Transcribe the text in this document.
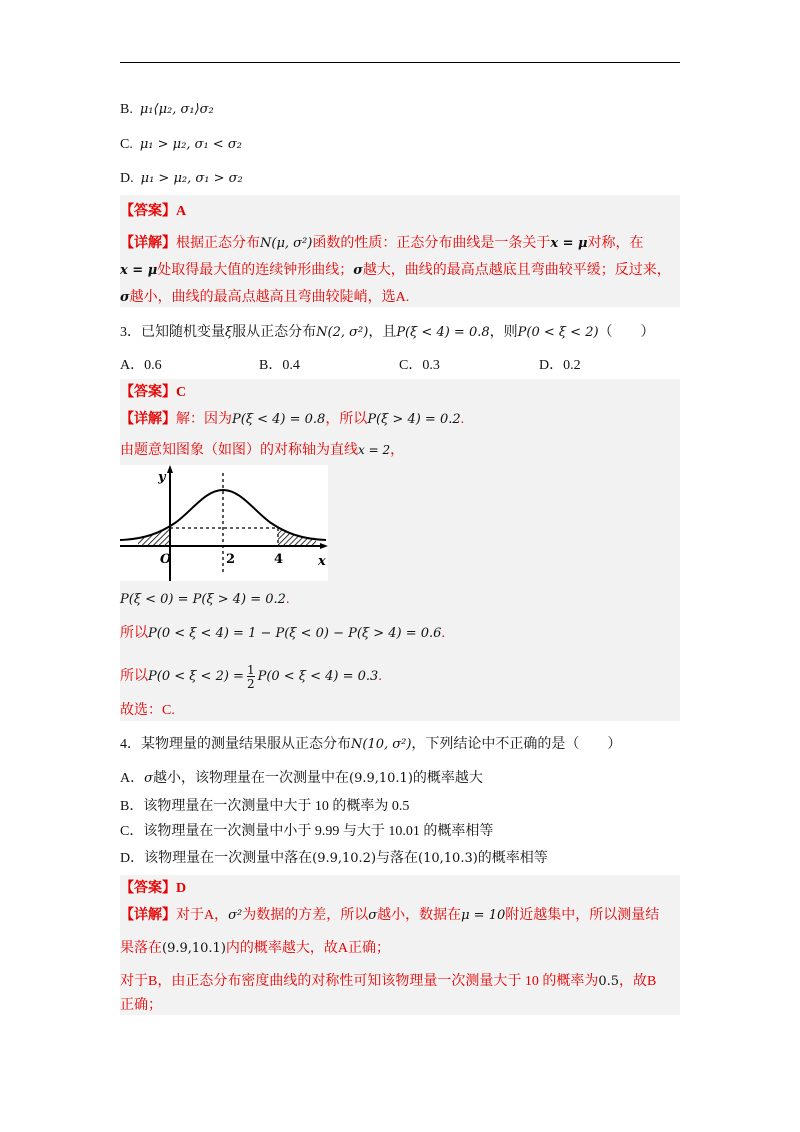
B. μ₁⟨μ₂, σ₁⟩σ₂
C. μ₁ > μ₂, σ₁ < σ₂
D. μ₁ > μ₂, σ₁ > σ₂
【答案】A
【详解】根据正态分布N(μ, σ²)函数的性质：正态分布曲线是一条关于x = μ对称，在
x = μ处取得最大值的连续钟形曲线；σ越大，曲线的最高点越底且弯曲较平缓；反过来，
σ越小，曲线的最高点越高且弯曲较陡峭，选A.
3．已知随机变量ξ服从正态分布N(2, σ²)，且P(ξ < 4) = 0.8，则P(0 < ξ < 2)（　　）
A．0.6	B．0.4	C．0.3	D．0.2
【答案】C
【详解】解：因为P(ξ < 4) = 0.8，所以P(ξ > 4) = 0.2.
由题意知图象（如图）的对称轴为直线x = 2，
y
x
O	2	4
P(ξ < 0) = P(ξ > 4) = 0.2.
所以P(0 < ξ < 4) = 1 − P(ξ < 0) − P(ξ > 4) = 0.6.
所以 $P(0 < \xi < 2) = \frac{1}{2} P(0 < \xi < 4) = 0.3$ .
故选：C.
4．某物理量的测量结果服从正态分布N(10, σ²)，下列结论中不正确的是（　　）
A．σ越小，该物理量在一次测量中在(9.9,10.1)的概率越大
B．该物理量在一次测量中大于 10 的概率为 0.5
C．该物理量在一次测量中小于 9.99 与大于 10.01 的概率相等
D．该物理量在一次测量中落在(9.9,10.2)与落在(10,10.3)的概率相等
【答案】D
【详解】对于A，σ²为数据的方差，所以σ越小，数据在μ = 10附近越集中，所以测量结
果落在(9.9,10.1)内的概率越大，故A正确；
对于B，由正态分布密度曲线的对称性可知该物理量一次测量大于 10 的概率为0.5，故B
正确；
